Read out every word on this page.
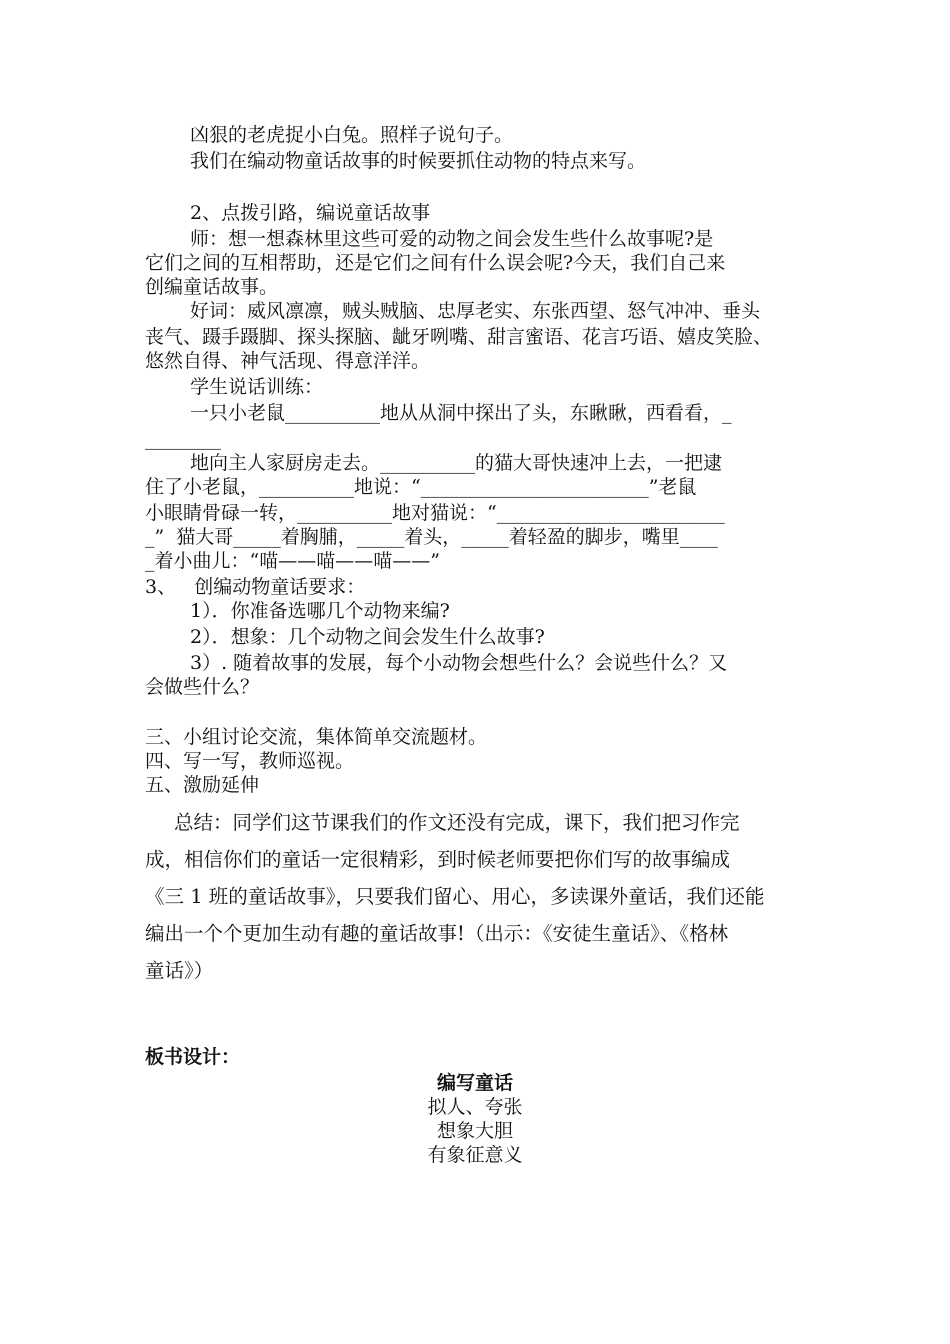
凶狠的老虎捉小白兔。照样子说句子。

我们在编动物童话故事的时候要抓住动物的特点来写。

2、点拨引路，编说童话故事

师：想一想森林里这些可爱的动物之间会发生些什么故事呢?是

它们之间的互相帮助，还是它们之间有什么误会呢?今天，我们自己来

创编童话故事。

好词：威风凛凛，贼头贼脑、忠厚老实、东张西望、怒气冲冲、垂头

丧气、蹑手蹑脚、探头探脑、龇牙咧嘴、甜言蜜语、花言巧语、嬉皮笑脸、

悠然自得、神气活现、得意洋洋。

学生说话训练：

一只小老鼠__________地从从洞中探出了头，东瞅瞅，西看看，_

________

地向主人家厨房走去。__________的猫大哥快速冲上去，一把逮

住了小老鼠，__________地说：“________________________”老鼠

小眼睛骨碌一转，__________地对猫说：“________________________

_”  猫大哥_____着胸脯，_____着头，_____着轻盈的脚步，嘴里____

_着小曲儿：“喵——喵——喵——”

3、   创编动物童话要求：

1）．你准备选哪几个动物来编?

2）．想象：几个动物之间会发生什么故事?

3）. 随着故事的发展，每个小动物会想些什么？会说些什么？又

会做些什么？

三、小组讨论交流，集体简单交流题材。

四、写一写，教师巡视。

五、激励延伸

总结：同学们这节课我们的作文还没有完成，课下，我们把习作完

成，相信你们的童话一定很精彩，到时候老师要把你们写的故事编成

《三 1 班的童话故事》，只要我们留心、用心，多读课外童话，我们还能

编出一个个更加生动有趣的童话故事!（出示：《安徒生童话》、《格林

童话》）

板书设计：

编写童话

拟人、夸张

想象大胆

有象征意义
